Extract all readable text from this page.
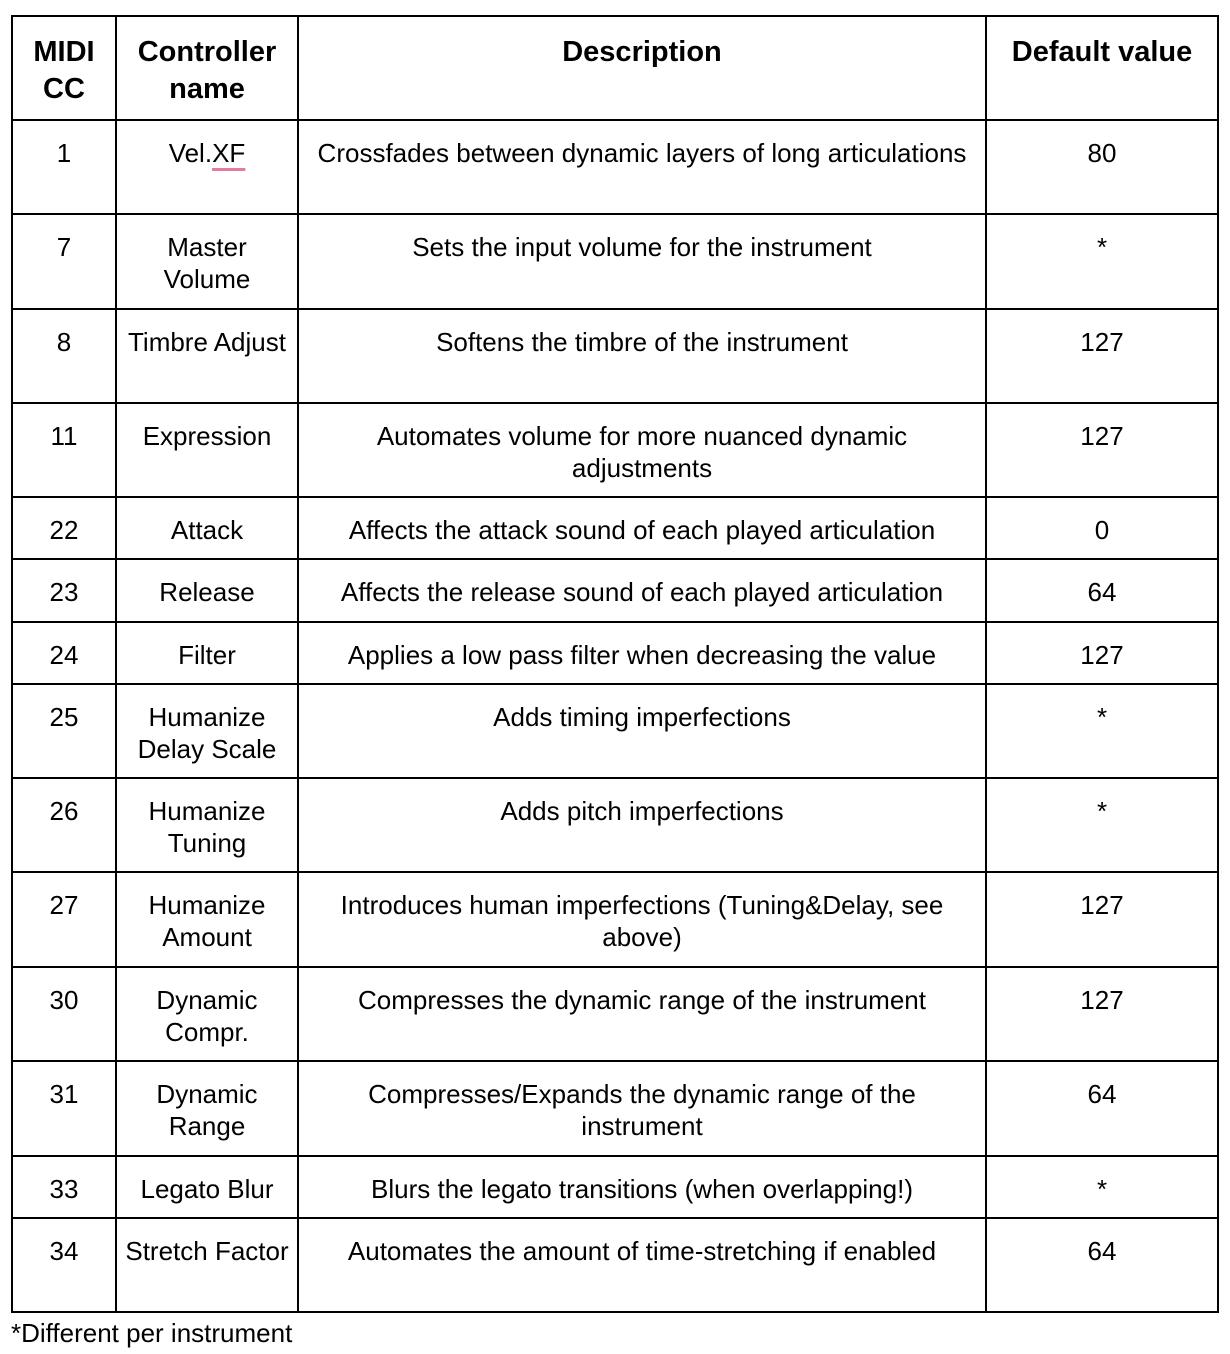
MIDI CC	Controller name	Description	Default value
1	Vel.XF	Crossfades between dynamic layers of long articulations	80
7	Master Volume	Sets the input volume for the instrument	*
8	Timbre Adjust	Softens the timbre of the instrument	127
11	Expression	Automates volume for more nuanced dynamic adjustments	127
22	Attack	Affects the attack sound of each played articulation	0
23	Release	Affects the release sound of each played articulation	64
24	Filter	Applies a low pass filter when decreasing the value	127
25	Humanize Delay Scale	Adds timing imperfections	*
26	Humanize Tuning	Adds pitch imperfections	*
27	Humanize Amount	Introduces human imperfections (Tuning&Delay, see above)	127
30	Dynamic Compr.	Compresses the dynamic range of the instrument	127
31	Dynamic Range	Compresses/Expands the dynamic range of the instrument	64
33	Legato Blur	Blurs the legato transitions (when overlapping!)	*
34	Stretch Factor	Automates the amount of time-stretching if enabled	64
*Different per instrument
